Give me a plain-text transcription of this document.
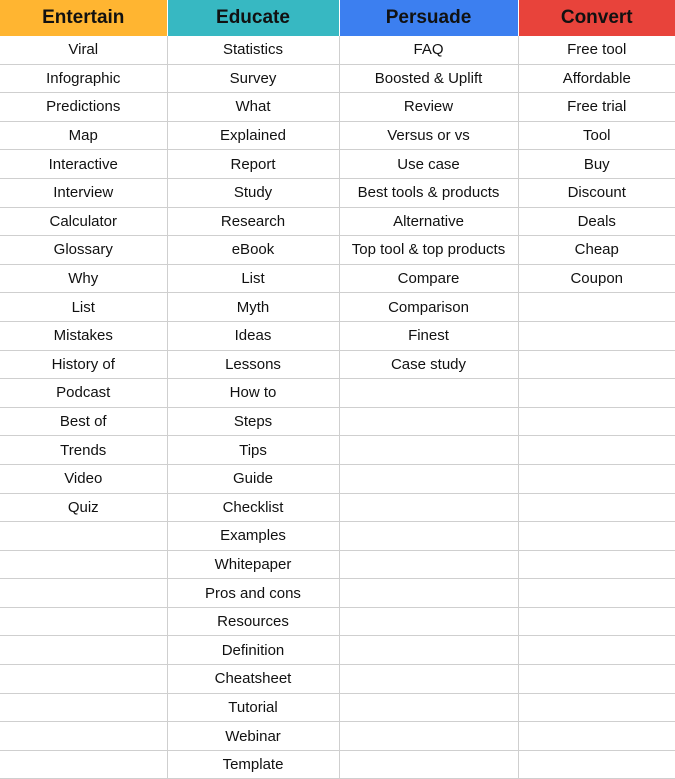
Entertain	Educate	Persuade	Convert
Viral	Statistics	FAQ	Free tool
Infographic	Survey	Boosted & Uplift	Affordable
Predictions	What	Review	Free trial
Map	Explained	Versus or vs	Tool
Interactive	Report	Use case	Buy
Interview	Study	Best tools & products	Discount
Calculator	Research	Alternative	Deals
Glossary	eBook	Top tool & top products	Cheap
Why	List	Compare	Coupon
List	Myth	Comparison	
Mistakes	Ideas	Finest	
History of	Lessons	Case study	
Podcast	How to		
Best of	Steps		
Trends	Tips		
Video	Guide		
Quiz	Checklist		
	Examples		
	Whitepaper		
	Pros and cons		
	Resources		
	Definition		
	Cheatsheet		
	Tutorial		
	Webinar		
	Template		
